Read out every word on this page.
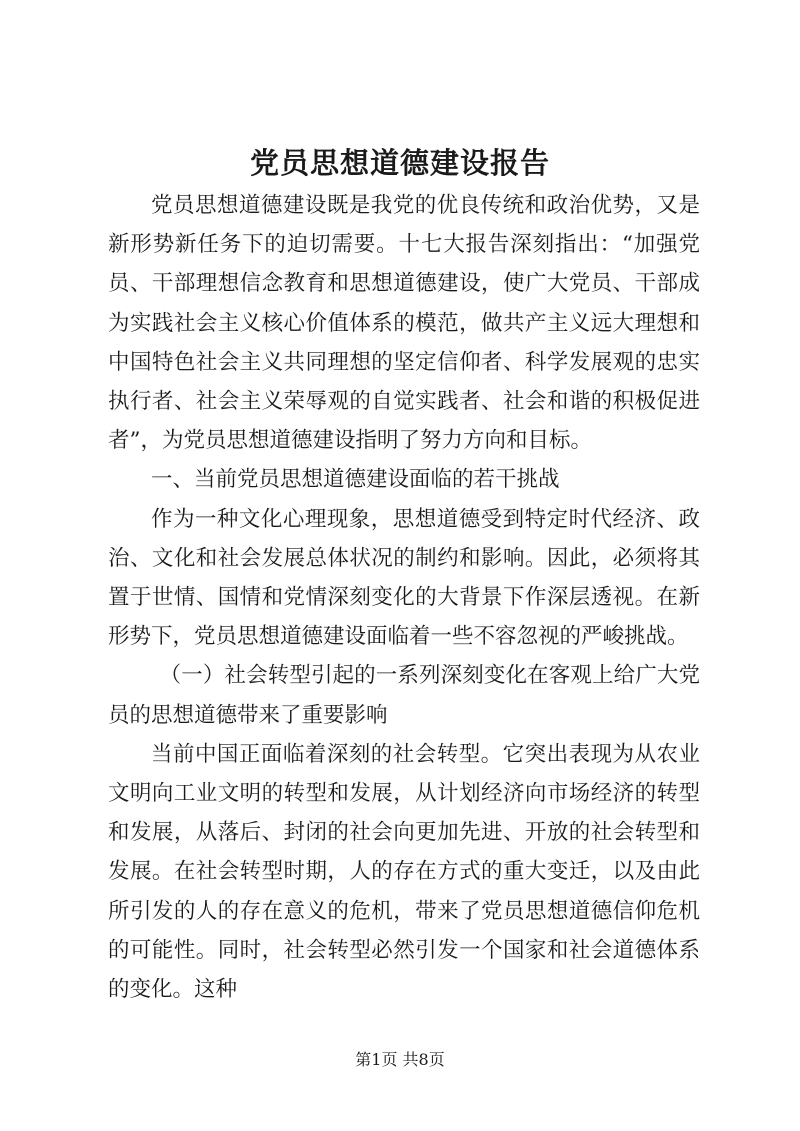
党员思想道德建设报告

党员思想道德建设既是我党的优良传统和政治优势，又是新形势新任务下的迫切需要。十七大报告深刻指出：“加强党员、干部理想信念教育和思想道德建设，使广大党员、干部成为实践社会主义核心价值体系的模范，做共产主义远大理想和中国特色社会主义共同理想的坚定信仰者、科学发展观的忠实执行者、社会主义荣辱观的自觉实践者、社会和谐的积极促进者”，为党员思想道德建设指明了努力方向和目标。

一、当前党员思想道德建设面临的若干挑战

作为一种文化心理现象，思想道德受到特定时代经济、政治、文化和社会发展总体状况的制约和影响。因此，必须将其置于世情、国情和党情深刻变化的大背景下作深层透视。在新形势下，党员思想道德建设面临着一些不容忽视的严峻挑战。

（一）社会转型引起的一系列深刻变化在客观上给广大党员的思想道德带来了重要影响

当前中国正面临着深刻的社会转型。它突出表现为从农业文明向工业文明的转型和发展，从计划经济向市场经济的转型和发展，从落后、封闭的社会向更加先进、开放的社会转型和发展。在社会转型时期，人的存在方式的重大变迁，以及由此所引发的人的存在意义的危机，带来了党员思想道德信仰危机的可能性。同时，社会转型必然引发一个国家和社会道德体系的变化。这种

第1页 共8页
